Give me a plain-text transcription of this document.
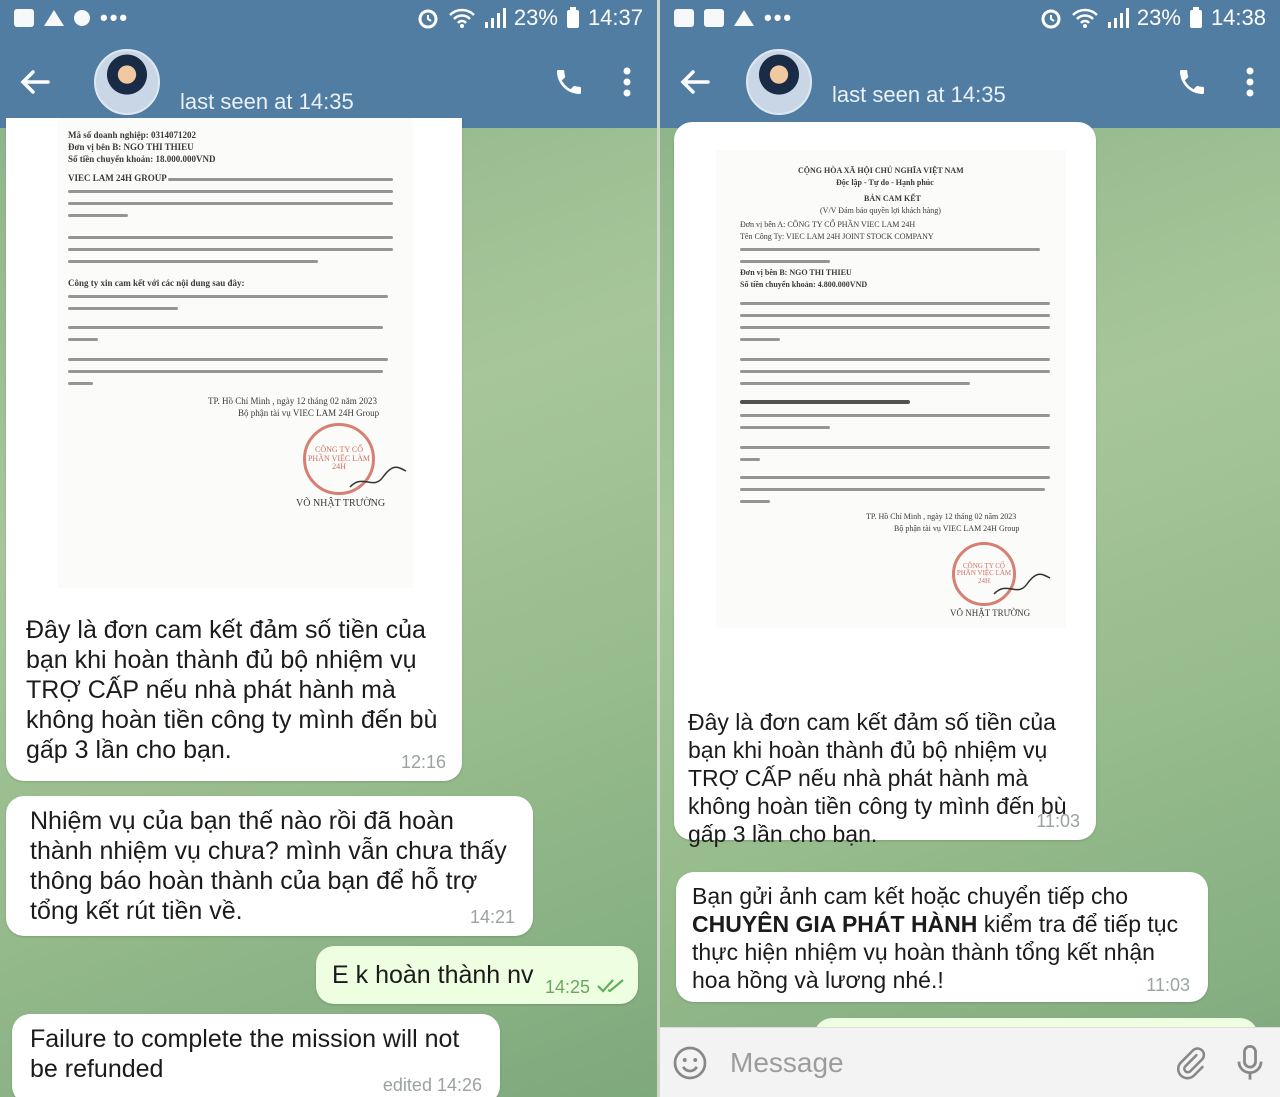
•••	23% 14:37
last seen at 14:35
Mã số doanh nghiệp: 0314071202
Đơn vị bên B: NGO THI THIEU
Số tiền chuyển khoản: 18.000.000VND
VIEC LAM 24H GROUP
Công ty xin cam kết với các nội dung sau đây:
TP. Hồ Chí Minh , ngày 12 tháng 02 năm 2023
Bộ phận tài vụ VIEC LAM 24H Group
CÔNG TY CỔ PHẦN VIỆC LÀM 24H
VÕ NHẬT TRƯỜNG
Đây là đơn cam kết đảm số tiền của bạn khi hoàn thành đủ bộ nhiệm vụ TRỢ CẤP nếu nhà phát hành mà không hoàn tiền công ty mình đến bù gấp 3 lần cho bạn.	12:16
Nhiệm vụ của bạn thế nào rồi đã hoàn thành nhiệm vụ chưa? mình vẫn chưa thấy thông báo hoàn thành của bạn để hỗ trợ tổng kết rút tiền về.	14:21
E k hoàn thành nv 14:25
Failure to complete the mission will not be refunded
edited 14:26
•••	23% 14:38
last seen at 14:35
CỘNG HÒA XÃ HỘI CHỦ NGHĨA VIỆT NAM
Độc lập - Tự do - Hạnh phúc
BẢN CAM KẾT
(V/V Đảm bảo quyền lợi khách hàng)
Đơn vị bên A: CÔNG TY CỔ PHẦN VIEC LAM 24H
Tên Công Ty: VIEC LAM 24H JOINT STOCK COMPANY
Đơn vị bên B: NGO THI THIEU
Số tiền chuyển khoản: 4.800.000VND
TP. Hồ Chí Minh , ngày 12 tháng 02 năm 2023
Bộ phận tài vụ VIEC LAM 24H Group
CÔNG TY CỔ PHẦN VIỆC LÀM 24H
VÕ NHẬT TRƯỜNG
Đây là đơn cam kết đảm số tiền của bạn khi hoàn thành đủ bộ nhiệm vụ TRỢ CẤP nếu nhà phát hành mà không hoàn tiền công ty mình đến bù gấp 3 lần cho bạn.	11:03
Bạn gửi ảnh cam kết hoặc chuyển tiếp cho CHUYÊN GIA PHÁT HÀNH kiểm tra để tiếp tục thực hiện nhiệm vụ hoàn thành tổng kết nhận hoa hồng và lương nhé.!	11:03
Message
